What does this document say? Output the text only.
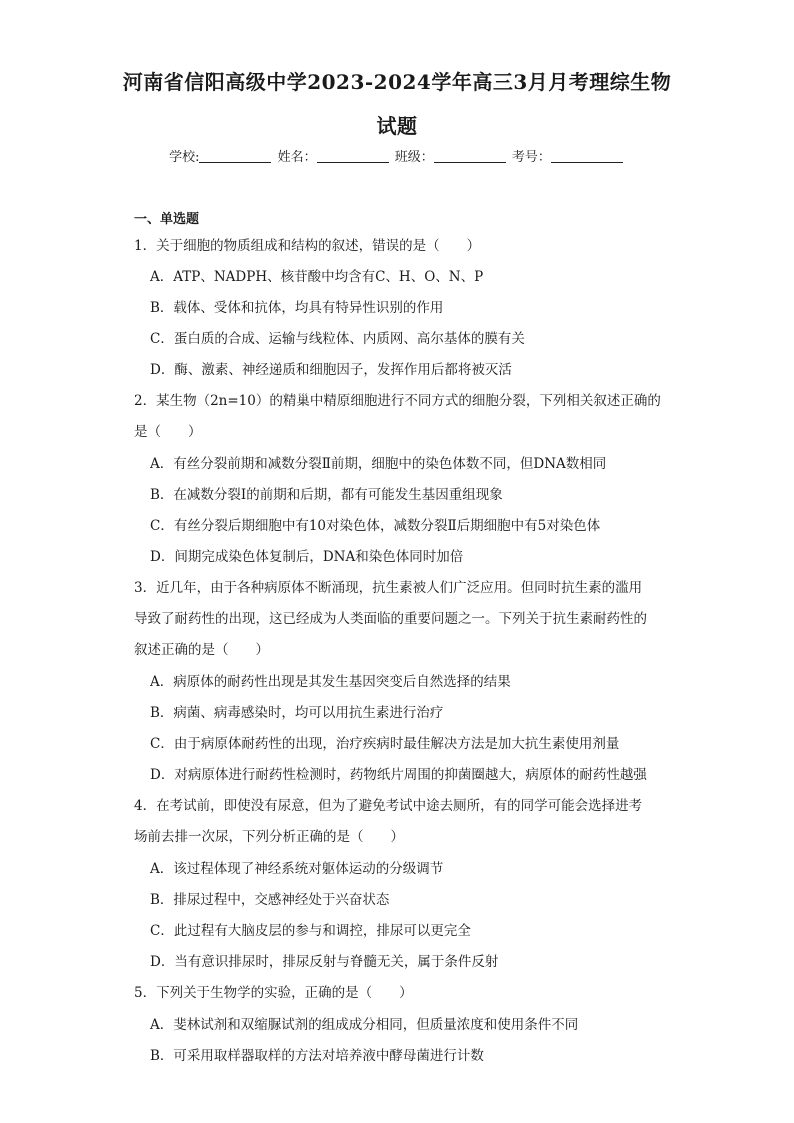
河南省信阳高级中学2023-2024学年高三3月月考理综生物
试题
学校:	姓名：	班级：	考号：
一、单选题
1．关于细胞的物质组成和结构的叙述，错误的是（　　）
A．ATP、NADPH、核苷酸中均含有C、H、O、N、P
B．载体、受体和抗体，均具有特异性识别的作用
C．蛋白质的合成、运输与线粒体、内质网、高尔基体的膜有关
D．酶、激素、神经递质和细胞因子，发挥作用后都将被灭活
2．某生物（2n=10）的精巢中精原细胞进行不同方式的细胞分裂，下列相关叙述正确的
是（　　）
A．有丝分裂前期和减数分裂Ⅱ前期，细胞中的染色体数不同，但DNA数相同
B．在减数分裂Ⅰ的前期和后期，都有可能发生基因重组现象
C．有丝分裂后期细胞中有10对染色体，减数分裂Ⅱ后期细胞中有5对染色体
D．间期完成染色体复制后，DNA和染色体同时加倍
3．近几年，由于各种病原体不断涌现，抗生素被人们广泛应用。但同时抗生素的滥用
导致了耐药性的出现，这已经成为人类面临的重要问题之一。下列关于抗生素耐药性的
叙述正确的是（　　）
A．病原体的耐药性出现是其发生基因突变后自然选择的结果
B．病菌、病毒感染时，均可以用抗生素进行治疗
C．由于病原体耐药性的出现，治疗疾病时最佳解决方法是加大抗生素使用剂量
D．对病原体进行耐药性检测时，药物纸片周围的抑菌圈越大，病原体的耐药性越强
4．在考试前，即使没有尿意，但为了避免考试中途去厕所，有的同学可能会选择进考
场前去排一次尿，下列分析正确的是（　　）
A．该过程体现了神经系统对躯体运动的分级调节
B．排尿过程中，交感神经处于兴奋状态
C．此过程有大脑皮层的参与和调控，排尿可以更完全
D．当有意识排尿时，排尿反射与脊髓无关，属于条件反射
5．下列关于生物学的实验，正确的是（　　）
A．斐林试剂和双缩脲试剂的组成成分相同，但质量浓度和使用条件不同
B．可采用取样器取样的方法对培养液中酵母菌进行计数
